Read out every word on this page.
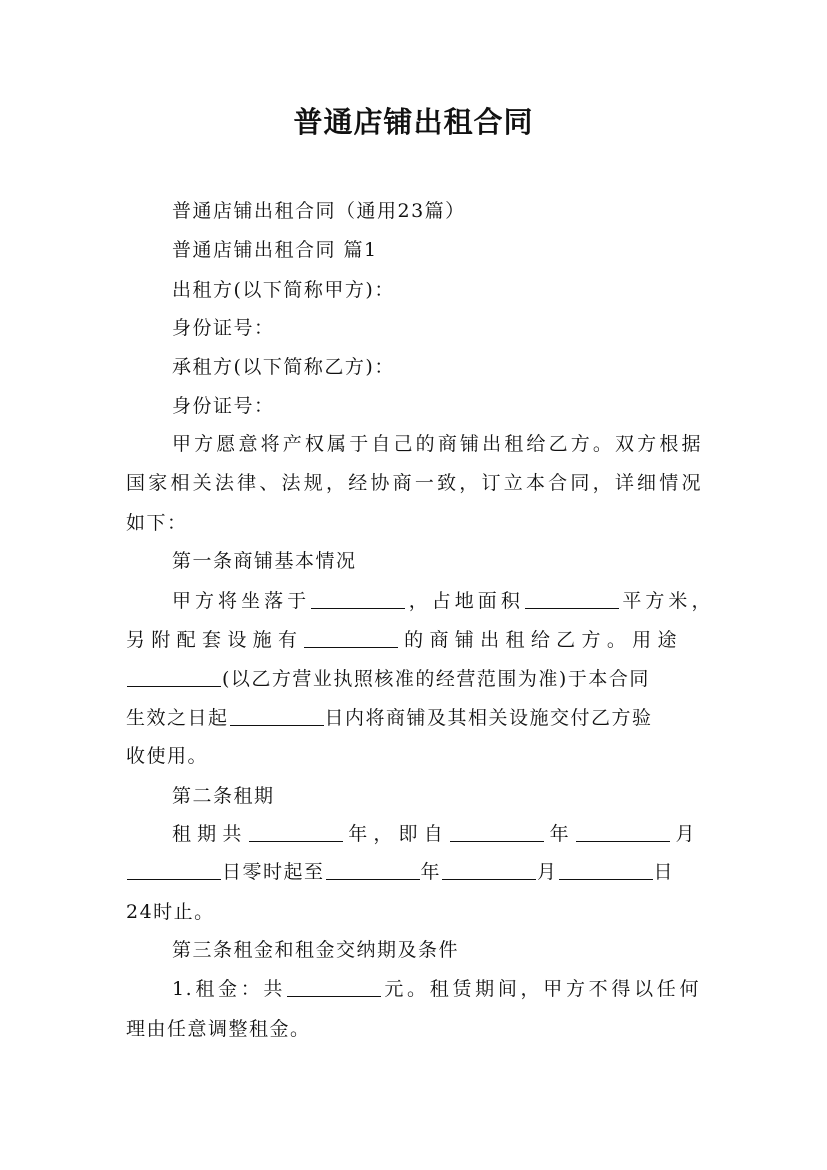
普通店铺出租合同
普通店铺出租合同（通用23篇）
普通店铺出租合同 篇1
出租方(以下简称甲方)：
身份证号：
承租方(以下简称乙方)：
身份证号：
甲方愿意将产权属于自己的商铺出租给乙方。双方根据
国家相关法律、法规，经协商一致，订立本合同，详细情况
如下：
第一条商铺基本情况
甲方将坐落于	，占地面积	平方米，
另附配套设施有	的商铺出租给乙方。用途
(以乙方营业执照核准的经营范围为准)于本合同
生效之日起	日内将商铺及其相关设施交付乙方验
收使用。
第二条租期
租期共	年，即自	年	月
日零时起至	年	月	日
24时止。
第三条租金和租金交纳期及条件
1.租金：共	元。租赁期间，甲方不得以任何
理由任意调整租金。
